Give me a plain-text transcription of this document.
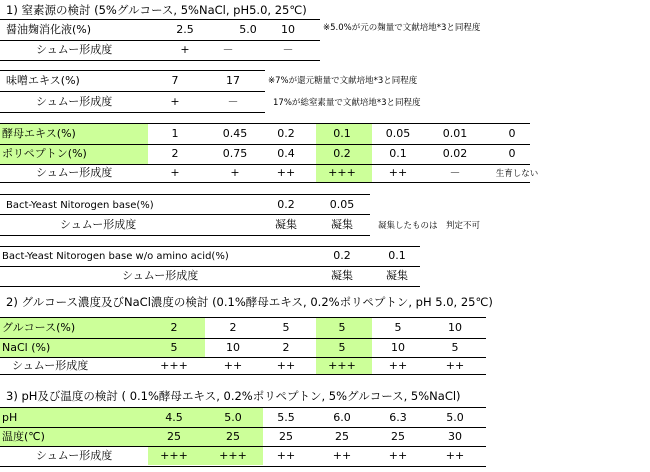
1) 窒素源の検討 (5%グルコース, 5%NaCl, pH5.0, 25℃)
醤油麹消化液(%)	2.5	5.0	10	※5.0%が元の麹量で文献培地*3と同程度
シュムー形成度	+	－	－
味噌エキス(%)	7	17	※7%が還元糖量で文献培地*3と同程度
シュムー形成度	+	－	17%が総窒素量で文献培地*3と同程度
酵母エキス(%)	1	0.45	0.2	0.1	0.05	0.01	0
ポリペプトン(%)	2	0.75	0.4	0.2	0.1	0.02	0
シュムー形成度	+	+	++	+++	++	－	生育しない
Bact-Yeast Nitorogen base(%)	0.2	0.05
シュムー形成度	凝集	凝集	凝集したものは　判定不可
Bact-Yeast Nitorogen base w/o amino acid(%)	0.2	0.1
シュムー形成度	凝集	凝集
2) グルコース濃度及びNaCl濃度の検討 (0.1%酵母エキス, 0.2%ポリペプトン, pH 5.0, 25℃)
グルコース(%)	2	2	5	5	5	10
NaCl (%)	5	10	2	5	10	5
シュムー形成度	+++	++	++	+++	++	++
3) pH及び温度の検討 ( 0.1%酵母エキス, 0.2%ポリペプトン, 5%グルコース, 5%NaCl)
pH	4.5	5.0	5.5	6.0	6.3	5.0
温度(℃)	25	25	25	25	25	30
シュムー形成度	+++	+++	++	++	++	++
